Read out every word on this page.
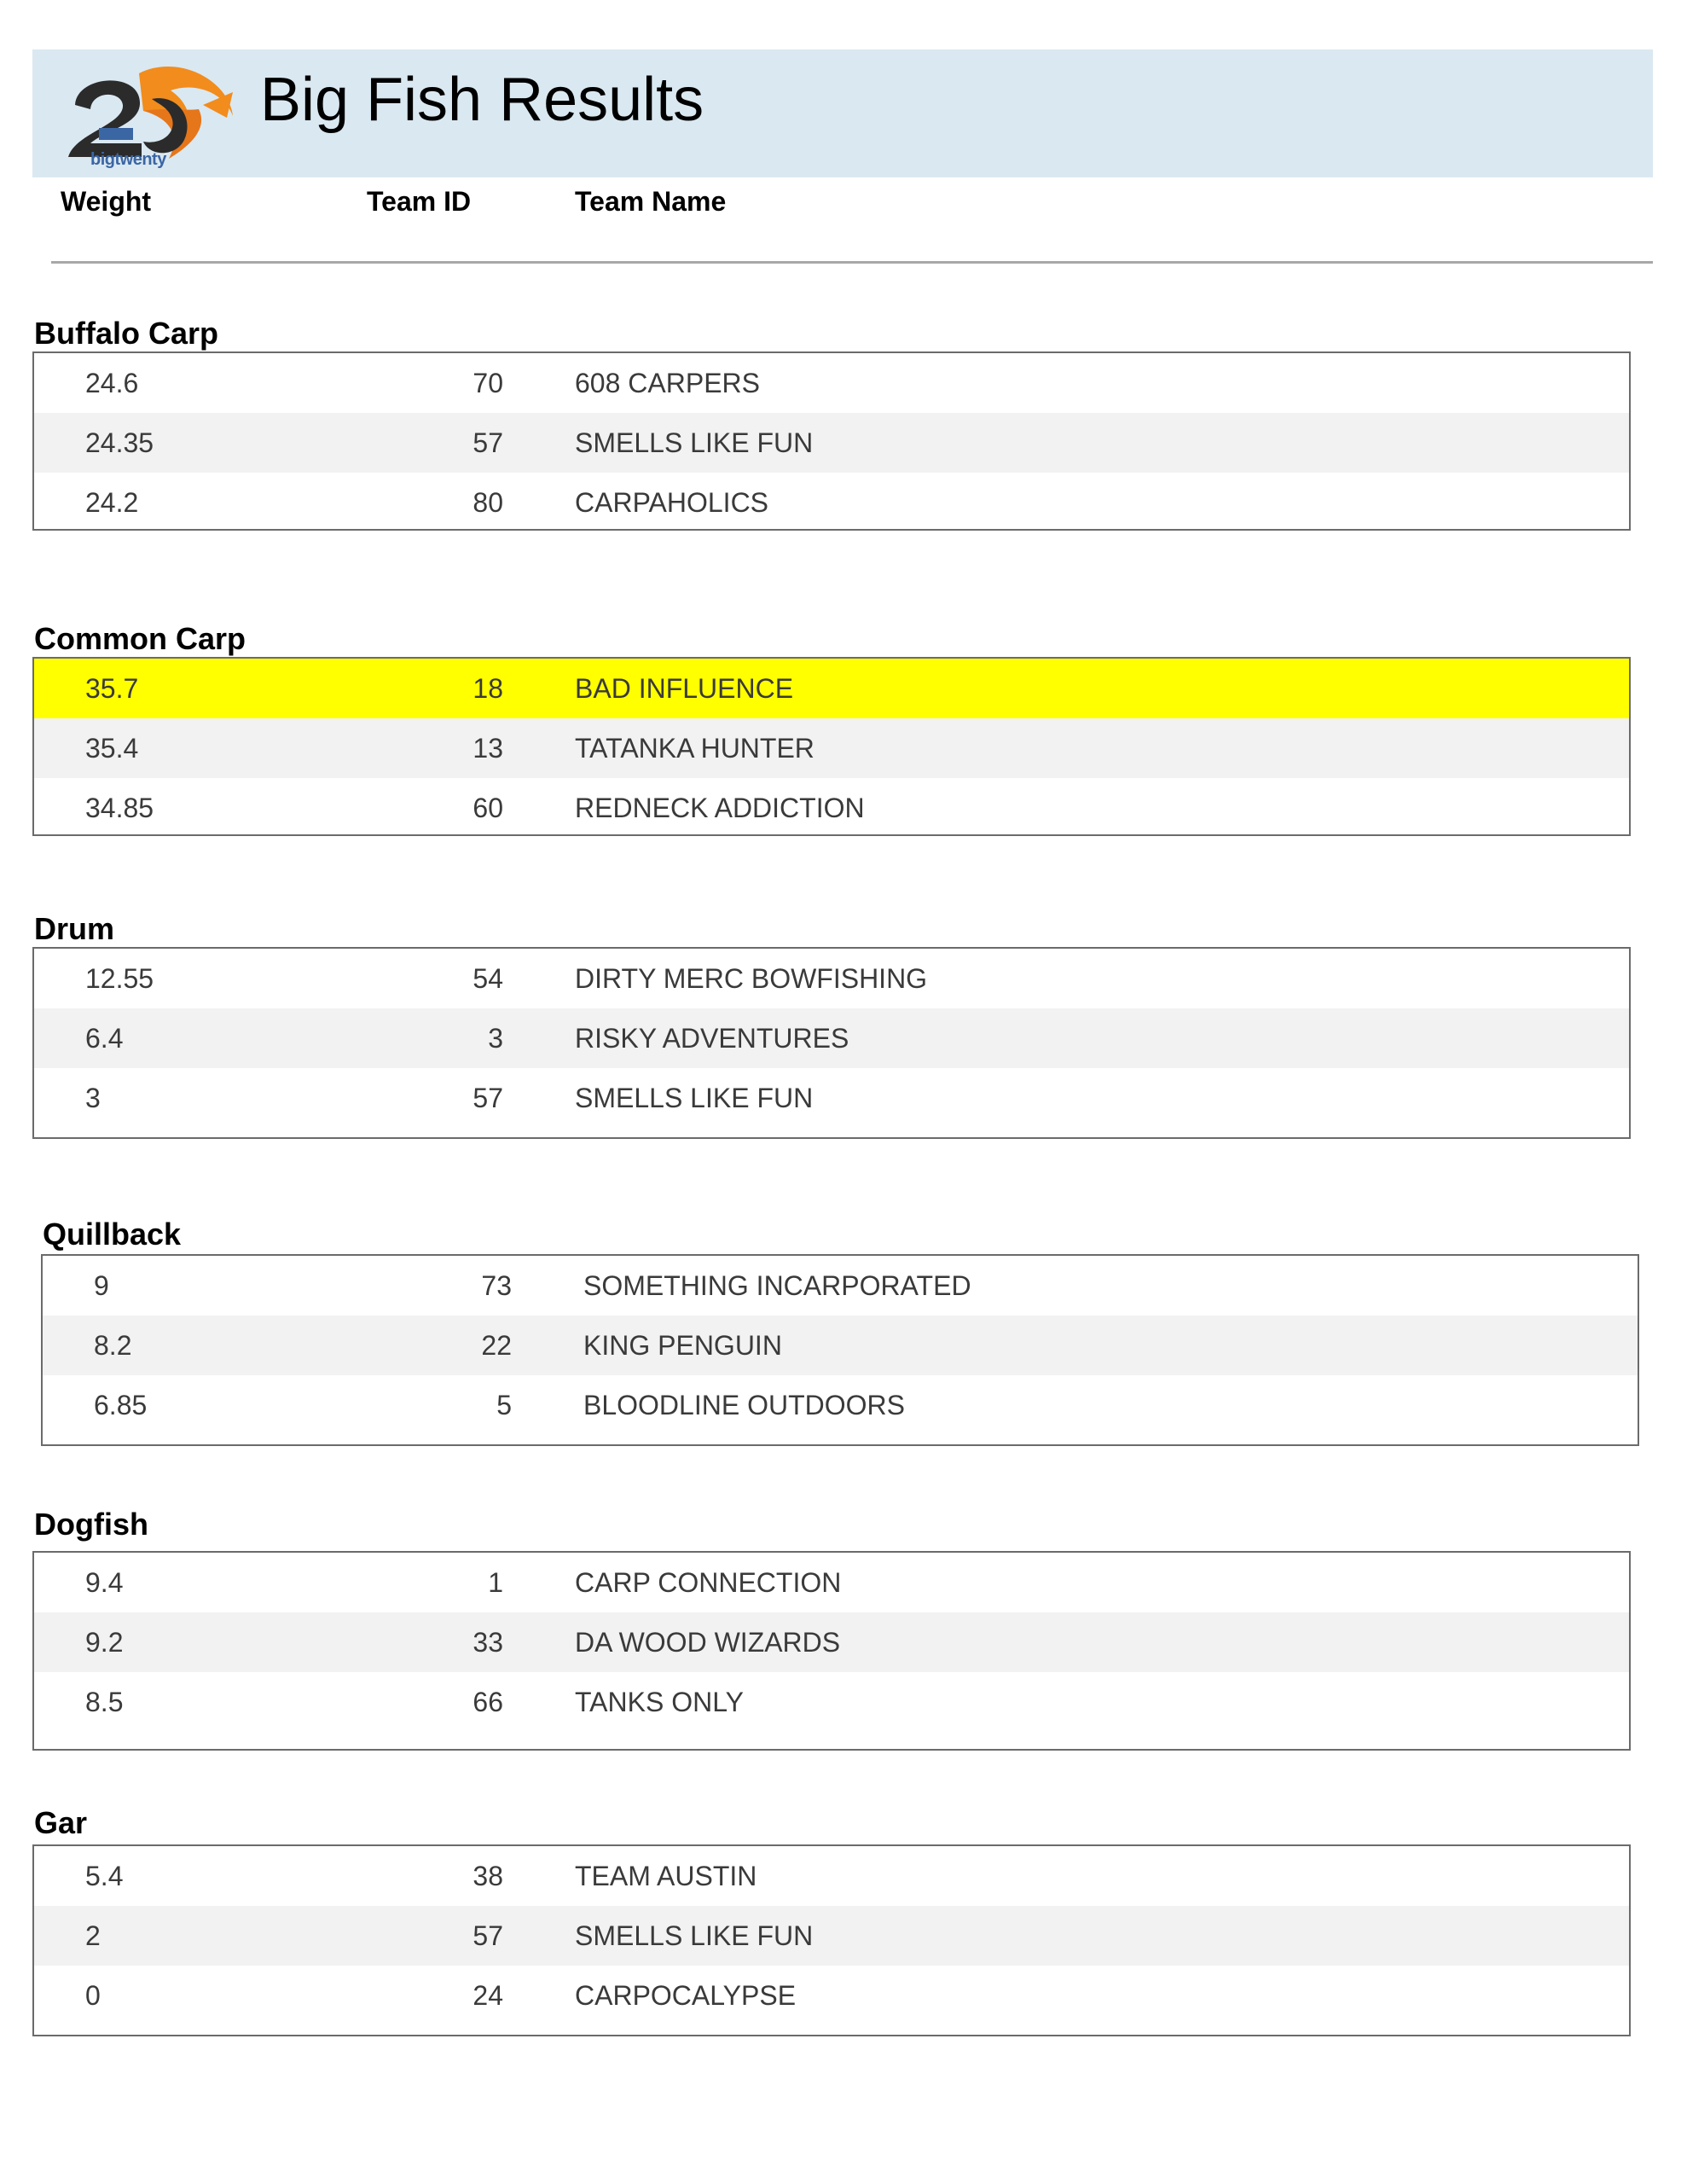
bigtwenty
Big Fish Results
Weight	Team ID	Team Name
Buffalo Carp
24.6	70	608 CARPERS
24.35	57	SMELLS LIKE FUN
24.2	80	CARPAHOLICS
Common Carp
35.7	18	BAD INFLUENCE
35.4	13	TATANKA HUNTER
34.85	60	REDNECK ADDICTION
Drum
12.55	54	DIRTY MERC BOWFISHING
6.4	3	RISKY ADVENTURES
3	57	SMELLS LIKE FUN
Quillback
9	73	SOMETHING INCARPORATED
8.2	22	KING PENGUIN
6.85	5	BLOODLINE OUTDOORS
Dogfish
9.4	1	CARP CONNECTION
9.2	33	DA WOOD WIZARDS
8.5	66	TANKS ONLY
Gar
5.4	38	TEAM AUSTIN
2	57	SMELLS LIKE FUN
0	24	CARPOCALYPSE
